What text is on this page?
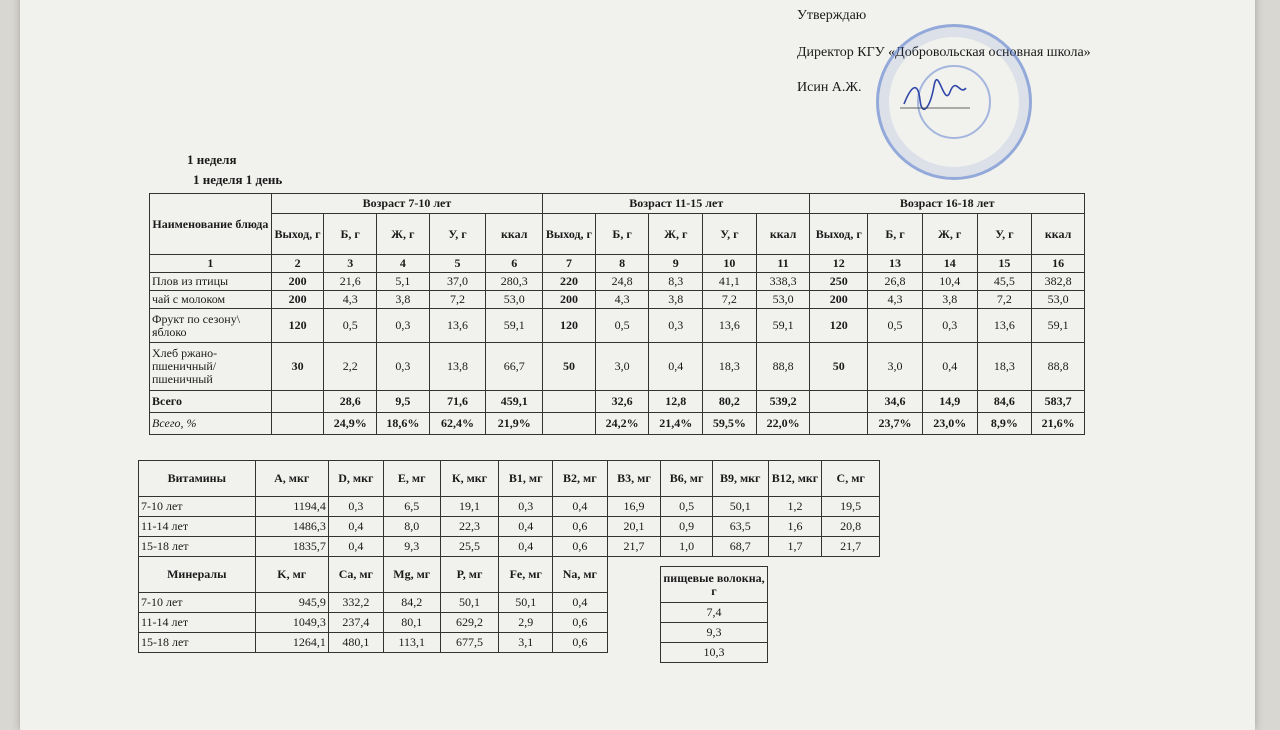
Утверждаю
Директор КГУ «Добровольская основная школа»
Исин А.Ж.
1 неделя
1 неделя 1 день
Наименование блюда	Возраст 7-10 лет					Возраст 11-15 лет					Возраст 16-18 лет				
	Выход, г	Б, г	Ж, г	У, г	ккал	Выход, г	Б, г	Ж, г	У, г	ккал	Выход, г	Б, г	Ж, г	У, г	ккал
1	2	3	4	5	6	7	8	9	10	11	12	13	14	15	16
Плов из птицы	200	21,6	5,1	37,0	280,3	220	24,8	8,3	41,1	338,3	250	26,8	10,4	45,5	382,8
чай с молоком	200	4,3	3,8	7,2	53,0	200	4,3	3,8	7,2	53,0	200	4,3	3,8	7,2	53,0
Фрукт по сезону\ яблоко	120	0,5	0,3	13,6	59,1	120	0,5	0,3	13,6	59,1	120	0,5	0,3	13,6	59,1
Хлеб ржано-пшеничный/ пшеничный	30	2,2	0,3	13,8	66,7	50	3,0	0,4	18,3	88,8	50	3,0	0,4	18,3	88,8
Всего		28,6	9,5	71,6	459,1		32,6	12,8	80,2	539,2		34,6	14,9	84,6	583,7
Всего, %		24,9%	18,6%	62,4%	21,9%		24,2%	21,4%	59,5%	22,0%		23,7%	23,0%	8,9%	21,6%
Витамины	А, мкг	D, мкг	Е, мг	К, мкг	В1, мг	В2, мг	В3, мг	В6, мг	В9, мкг	В12, мкг	С, мг
7-10 лет	1194,4	0,3	6,5	19,1	0,3	0,4	16,9	0,5	50,1	1,2	19,5
11-14 лет	1486,3	0,4	8,0	22,3	0,4	0,6	20,1	0,9	63,5	1,6	20,8
15-18 лет	1835,7	0,4	9,3	25,5	0,4	0,6	21,7	1,0	68,7	1,7	21,7
Минералы	K, мг	Ca, мг	Mg, мг	P, мг	Fe, мг	Na, мг					
7-10 лет	945,9	332,2	84,2	50,1	50,1	0,4					
11-14 лет	1049,3	237,4	80,1	629,2	2,9	0,6					
15-18 лет	1264,1	480,1	113,1	677,5	3,1	0,6					
пищевые волокна, г
7,4
9,3
10,3
